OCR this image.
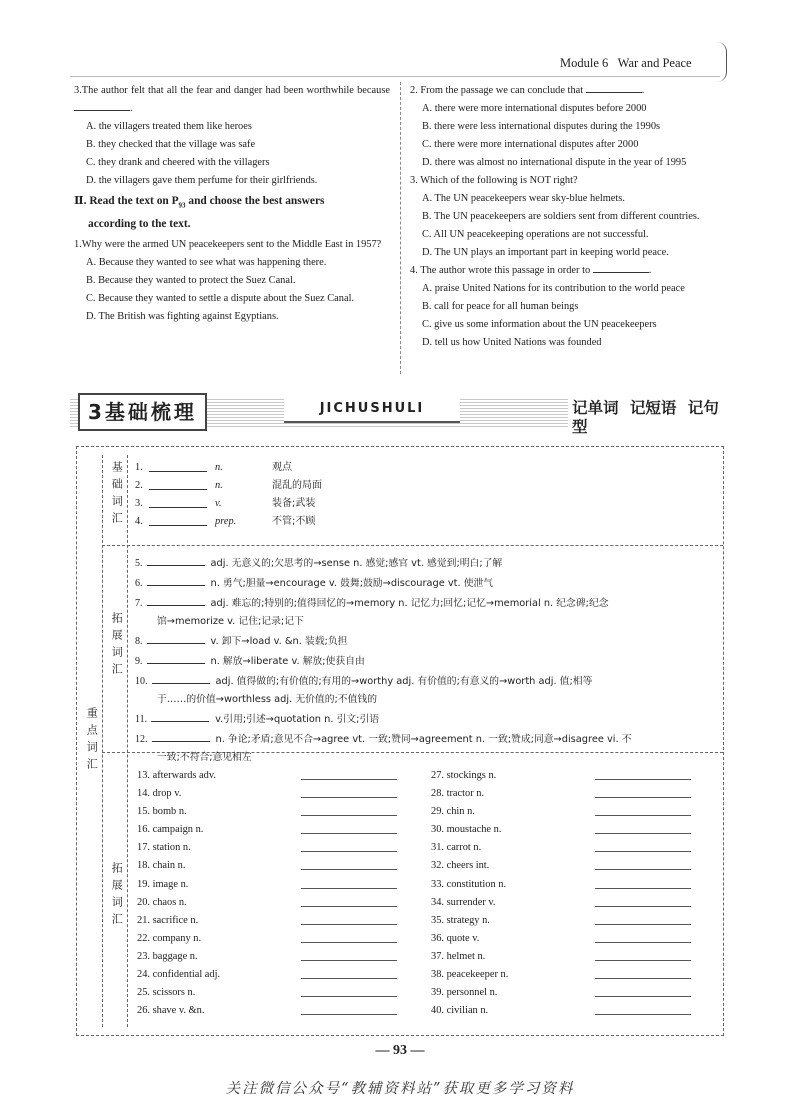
Module 6 War and Peace

3.The author felt that all the fear and danger had been worthwhile because .

A. the villagers treated them like heroes

B. they checked that the village was safe

C. they drank and cheered with the villagers

D. the villagers gave them perfume for their girlfriends.

Ⅱ. Read the text on $P_{93}$ and choose the best answers
according to the text.

1.Why were the armed UN peacekeepers sent to the Middle East in 1957?

A. Because they wanted to see what was happening there.

B. Because they wanted to protect the Suez Canal.

C. Because they wanted to settle a dispute about the Suez Canal.

D. The British was fighting against Egyptians.

2. From the passage we can conclude that	.

A. there were more international disputes before 2000

B. there were less international disputes during the 1990s

C. there were more international disputes after 2000

D. there was almost no international dispute in the year of 1995

3. Which of the following is NOT right?

A. The UN peacekeepers wear sky-blue helmets.

B. The UN peacekeepers are soldiers sent from different countries.

C. All UN peacekeeping operations are not successful.

D. The UN plays an important part in keeping world peace.

4. The author wrote this passage in order to	.

A. praise United Nations for its contribution to the world peace

B. call for peace for all human beings

C. give us some information about the UN peacekeepers

D. tell us how United Nations was founded

3基础梳理	JICHUSHULI	记单词 记短语 记句型
重点词汇
基础词汇
拓展词汇
拓展词汇
1.	n.	观点
2.	n.	混乱的局面
3.	v.	装备;武装
4.	prep.	不管;不顾

5.	adj. 无意义的;欠思考的→sense n. 感觉;感官 vt. 感觉到;明白;了解

6.	n. 勇气;胆量→encourage v. 鼓舞;鼓励→discourage vt. 使泄气

7.	adj. 难忘的;特别的;值得回忆的→memory n. 记忆力;回忆;记忆→memorial n. 纪念碑;纪念
馆→memorize v. 记住;记录;记下

8.	v. 卸下→load v. &n. 装载;负担

9.	n. 解放→liberate v. 解放;使获自由

10.	adj. 值得做的;有价值的;有用的→worthy adj. 有价值的;有意义的→worth adj. 值;相等
于……的价值→worthless adj. 无价值的;不值钱的

11.	v.引用;引述→quotation n. 引文;引语

12.	n. 争论;矛盾;意见不合→agree vt. 一致;赞同→agreement n. 一致;赞成;同意→disagree vi. 不
一致;不符合;意见相左

13. afterwards adv.
14. drop v.
15. bomb n.
16. campaign n.
17. station n.
18. chain n.
19. image n.
20. chaos n.
21. sacrifice n.
22. company n.
23. baggage n.
24. confidential adj.
25. scissors n.
26. shave v. &n.
27. stockings n.
28. tractor n.
29. chin n.
30. moustache n.
31. carrot n.
32. cheers int.
33. constitution n.
34. surrender v.
35. strategy n.
36. quote v.
37. helmet n.
38. peacekeeper n.
39. personnel n.
40. civilian n.
— 93 —
关注微信公众号“教辅资料站”获取更多学习资料
